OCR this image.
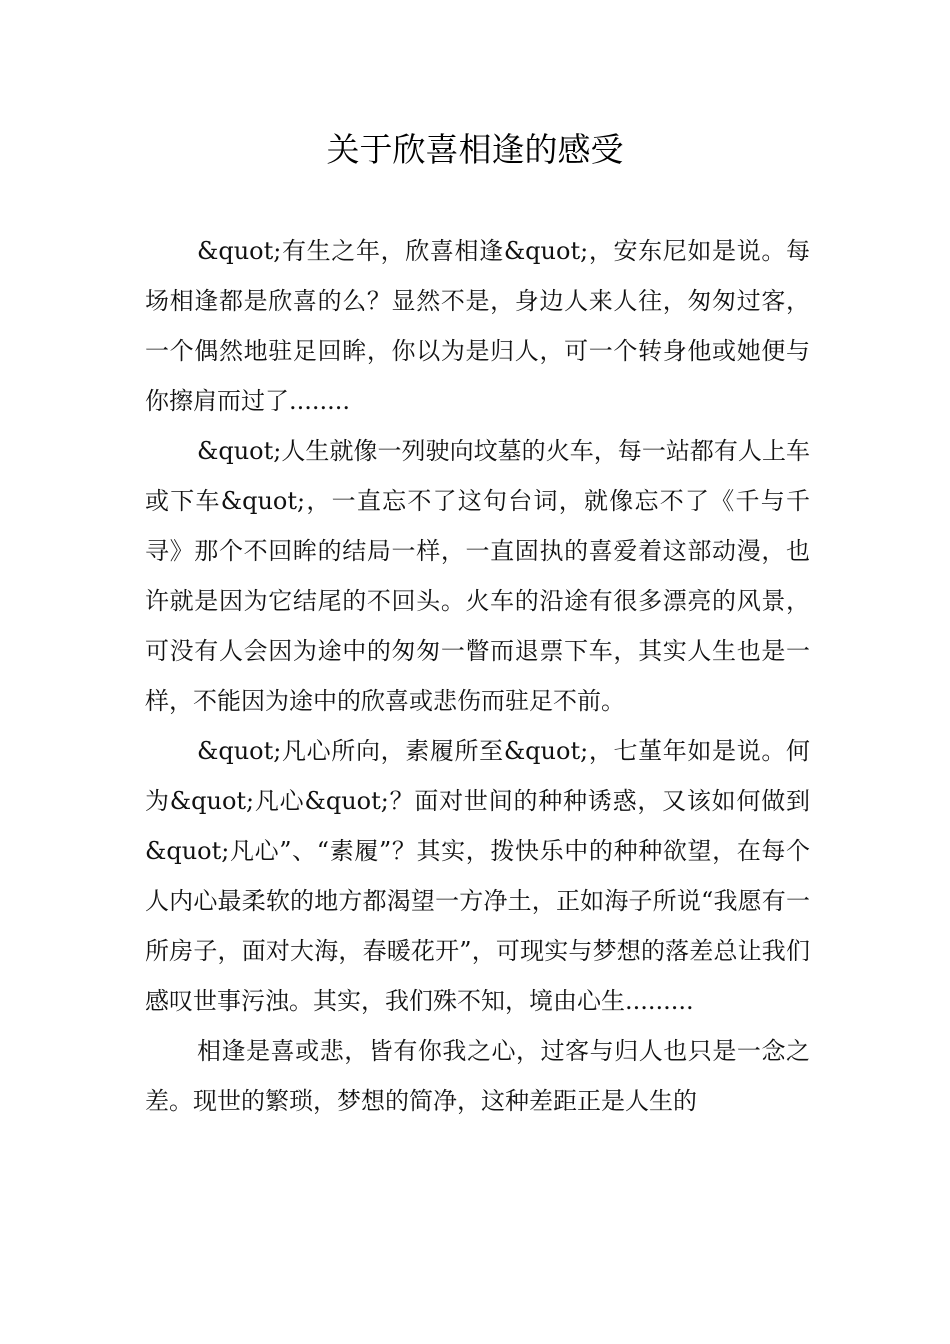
关于欣喜相逢的感受

&quot;有生之年，欣喜相逢&quot;，安东尼如是说。每场相逢都是欣喜的么？显然不是，身边人来人往，匆匆过客，一个偶然地驻足回眸，你以为是归人，可一个转身他或她便与你擦肩而过了........

&quot;人生就像一列驶向坟墓的火车，每一站都有人上车或下车&quot;，一直忘不了这句台词，就像忘不了《千与千寻》那个不回眸的结局一样，一直固执的喜爱着这部动漫，也许就是因为它结尾的不回头。火车的沿途有很多漂亮的风景，可没有人会因为途中的匆匆一瞥而退票下车，其实人生也是一样，不能因为途中的欣喜或悲伤而驻足不前。

&quot;凡心所向，素履所至&quot;，七堇年如是说。何为&quot;凡心&quot;？面对世间的种种诱惑，又该如何做到&quot;凡心”、“素履”？其实，拨快乐中的种种欲望，在每个人内心最柔软的地方都渴望一方净土，正如海子所说“我愿有一所房子，面对大海，春暖花开”，可现实与梦想的落差总让我们感叹世事污浊。其实，我们殊不知，境由心生.........

相逢是喜或悲，皆有你我之心，过客与归人也只是一念之差。现世的繁琐，梦想的简净，这种差距正是人生的
